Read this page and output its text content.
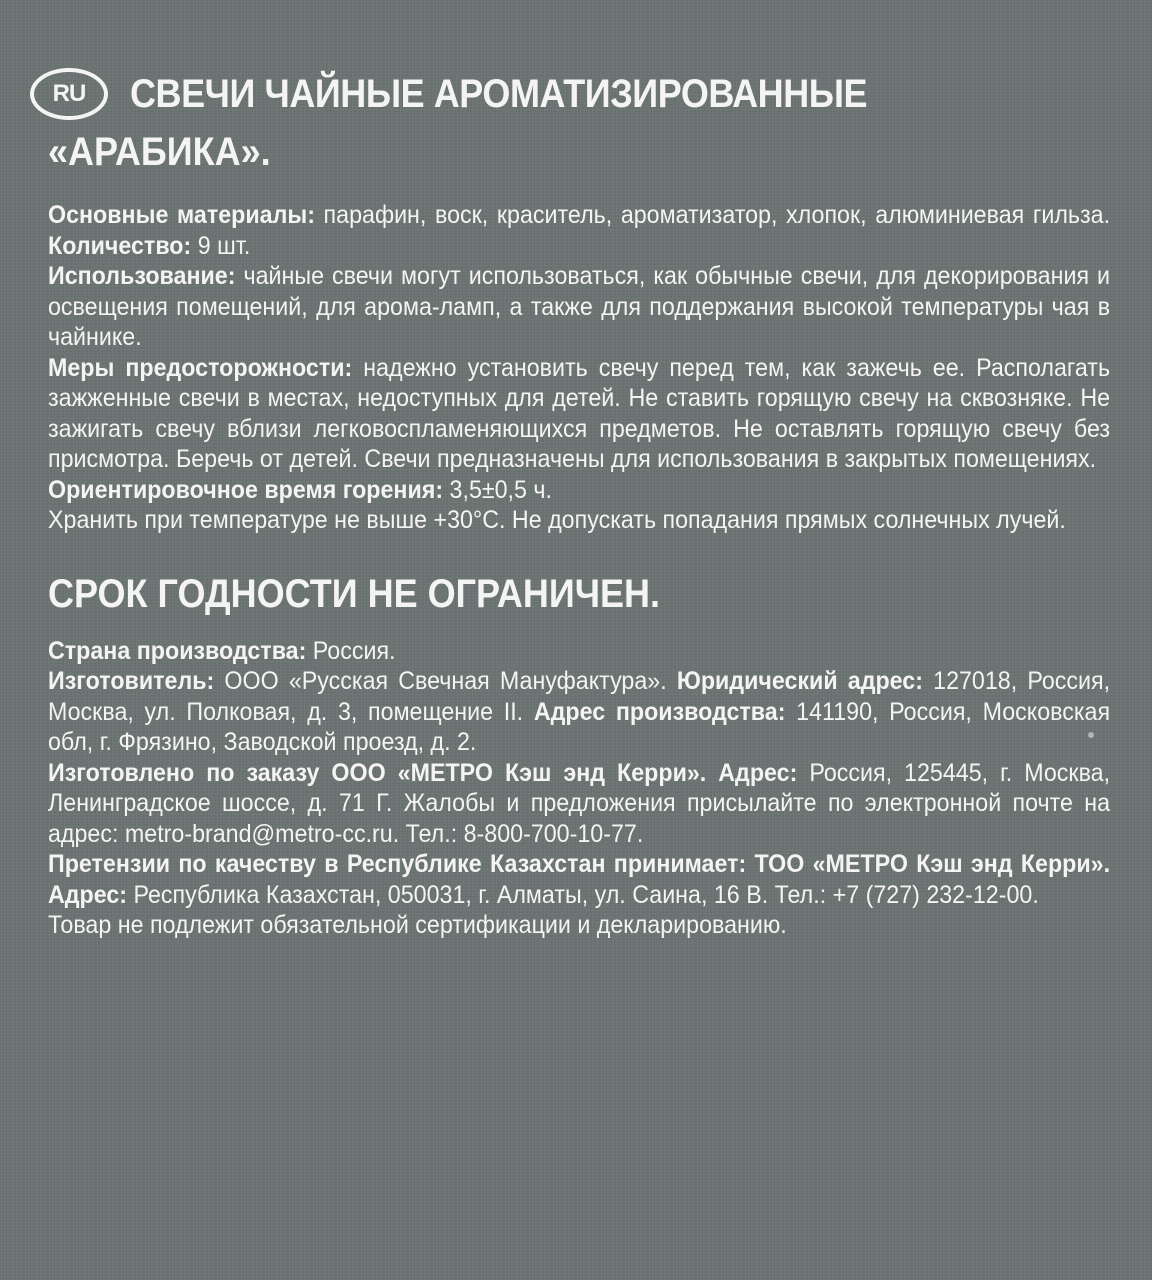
RU	СВЕЧИ ЧАЙНЫЕ АРОМАТИЗИРОВАННЫЕ
«АРАБИКА».

Основные материалы: парафин, воск, краситель, ароматизатор, хлопок, алюминиевая гильза. Количество: 9 шт.

Использование: чайные свечи могут использоваться, как обычные свечи, для декорирования и освещения помещений, для арома-ламп, а также для поддержания высокой температуры чая в чайнике.

Меры предосторожности: надежно установить свечу перед тем, как зажечь ее. Располагать зажженные свечи в местах, недоступных для детей. Не ставить горящую свечу на сквозняке. Не зажигать свечу вблизи легковоспламеняющихся предметов. Не оставлять горящую свечу без присмотра. Беречь от детей. Свечи предназначены для использования в закрытых помещениях.

Ориентировочное время горения: 3,5±0,5 ч.

Хранить при температуре не выше +30°С. Не допускать попадания прямых солнечных лучей.

СРОК ГОДНОСТИ НЕ ОГРАНИЧЕН.

Страна производства: Россия.

Изготовитель: ООО «Русская Свечная Мануфактура». Юридический адрес: 127018, Россия, Москва, ул. Полковая, д. 3, помещение II. Адрес производства: 141190, Россия, Московская обл, г. Фрязино, Заводской проезд, д. 2.

Изготовлено по заказу ООО «МЕТРО Кэш энд Керри». Адрес: Россия, 125445, г. Москва, Ленинградское шоссе, д. 71 Г. Жалобы и предложения присылайте по электронной почте на адрес: metro-brand@metro-cc.ru. Тел.: 8-800-700-10-77.

Претензии по качеству в Республике Казахстан принимает: ТОО «МЕТРО Кэш энд Керри». Адрес: Республика Казахстан, 050031, г. Алматы, ул. Саина, 16 В. Тел.: +7 (727) 232-12-00.

Товар не подлежит обязательной сертификации и декларированию.
